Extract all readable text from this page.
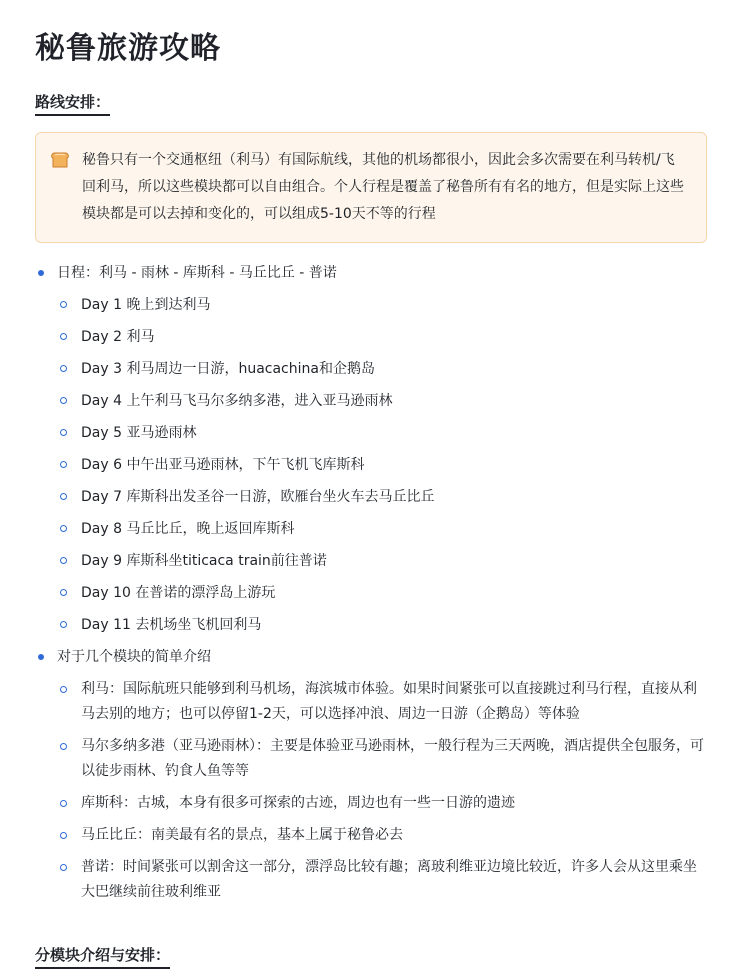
秘鲁旅游攻略
路线安排：
秘鲁只有一个交通枢纽（利马）有国际航线，其他的机场都很小，因此会多次需要在利马转机/飞回利马，所以这些模块都可以自由组合。个人行程是覆盖了秘鲁所有有名的地方，但是实际上这些模块都是可以去掉和变化的，可以组成5-10天不等的行程
日程：利马 - 雨林 - 库斯科 - 马丘比丘 - 普诺
Day 1 晚上到达利马
Day 2 利马
Day 3 利马周边一日游，huacachina和企鹅岛
Day 4 上午利马飞马尔多纳多港，进入亚马逊雨林
Day 5 亚马逊雨林
Day 6 中午出亚马逊雨林，下午飞机飞库斯科
Day 7 库斯科出发圣谷一日游，欧雁台坐火车去马丘比丘
Day 8 马丘比丘，晚上返回库斯科
Day 9 库斯科坐titicaca train前往普诺
Day 10 在普诺的漂浮岛上游玩
Day 11 去机场坐飞机回利马
对于几个模块的简单介绍
利马：国际航班只能够到利马机场，海滨城市体验。如果时间紧张可以直接跳过利马行程，直接从利马去别的地方；也可以停留1-2天，可以选择冲浪、周边一日游（企鹅岛）等体验
马尔多纳多港（亚马逊雨林）：主要是体验亚马逊雨林，一般行程为三天两晚，酒店提供全包服务，可以徒步雨林、钓食人鱼等等
库斯科：古城，本身有很多可探索的古迹，周边也有一些一日游的遗迹
马丘比丘：南美最有名的景点，基本上属于秘鲁必去
普诺：时间紧张可以割舍这一部分，漂浮岛比较有趣；离玻利维亚边境比较近，许多人会从这里乘坐大巴继续前往玻利维亚
分模块介绍与安排：
